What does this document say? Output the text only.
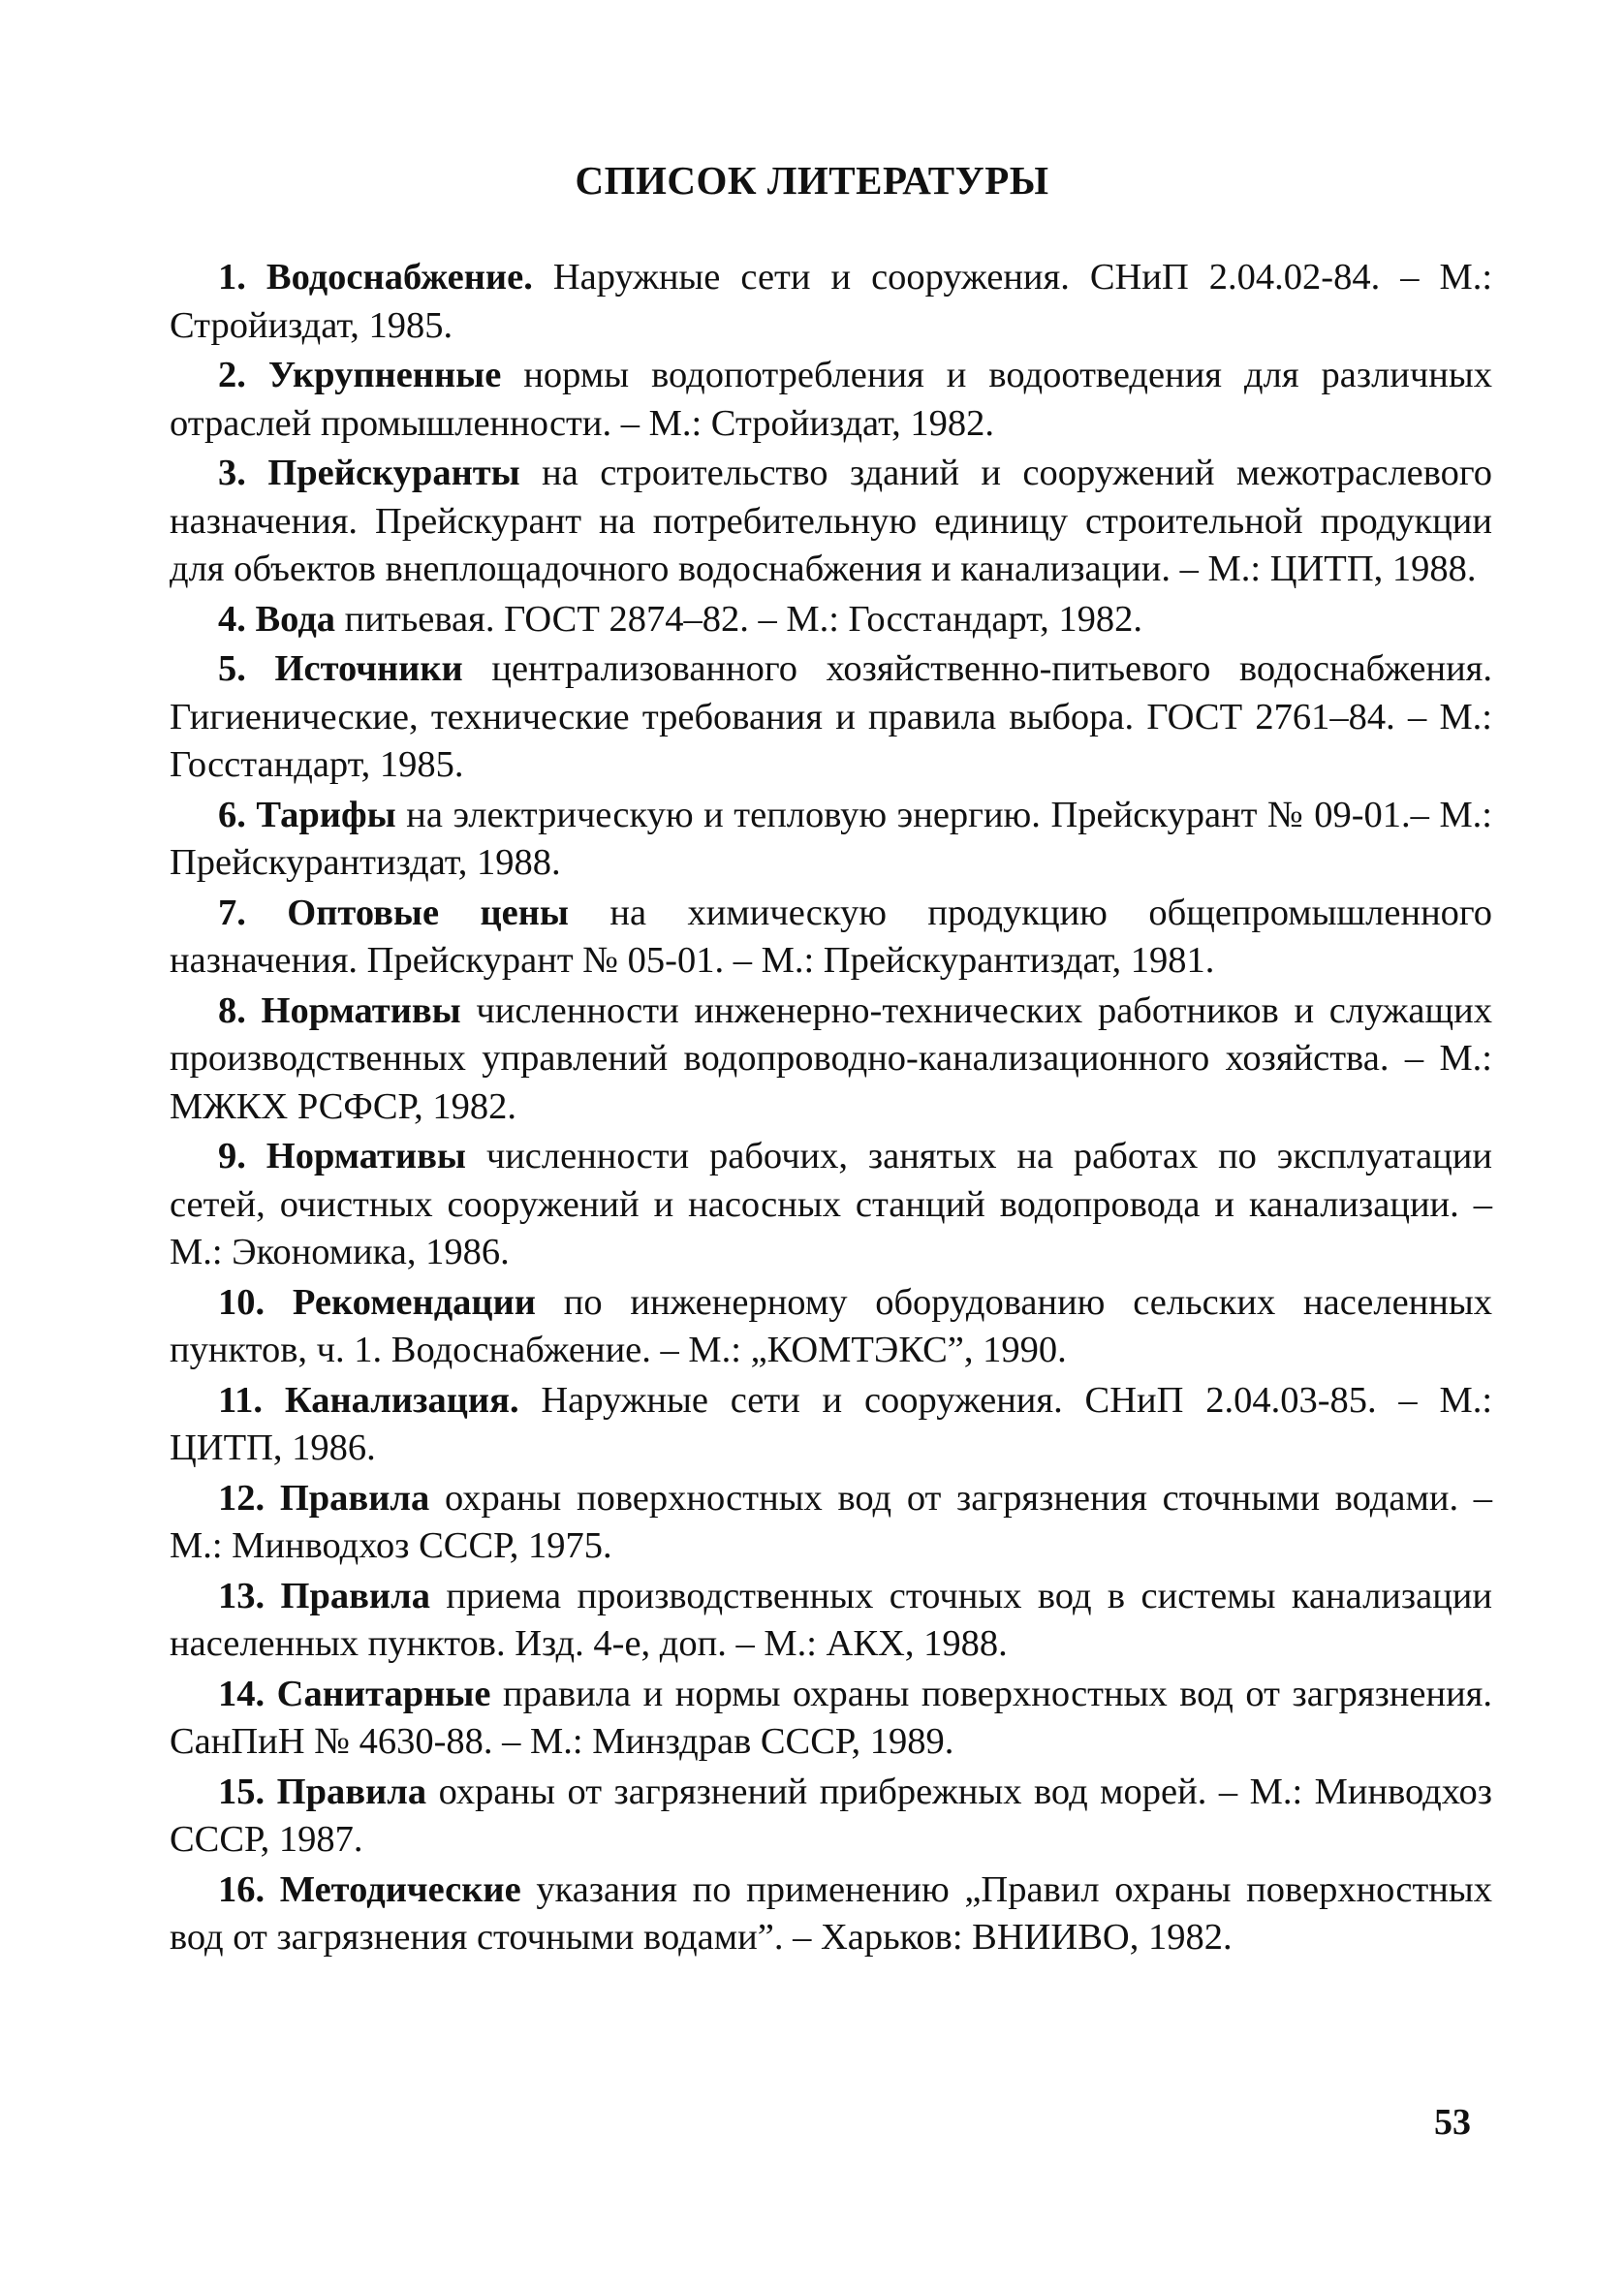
СПИСОК ЛИТЕРАТУРЫ
1. Водоснабжение. Наружные сети и сооружения. СНиП 2.04.02-84. – М.: Стройиздат, 1985.
2. Укрупненные нормы водопотребления и водоотведения для различных отраслей промышленности. – М.: Стройиздат, 1982.
3. Прейскуранты на строительство зданий и сооружений межотраслевого назначения. Прейскурант на потребительную единицу строительной продукции для объектов внеплощадочного водоснабжения и канализации. – М.: ЦИТП, 1988.
4. Вода питьевая. ГОСТ 2874–82. – М.: Госстандарт, 1982.
5. Источники централизованного хозяйственно-питьевого водоснабжения. Гигиенические, технические требования и правила выбора. ГОСТ 2761–84. – М.: Госстандарт, 1985.
6. Тарифы на электрическую и тепловую энергию. Прейскурант № 09-01.– М.: Прейскурантиздат, 1988.
7. Оптовые цены на химическую продукцию общепромышленного назначения. Прейскурант № 05-01. – М.: Прейскурантиздат, 1981.
8. Нормативы численности инженерно-технических работников и служащих производственных управлений водопроводно-канализационного хозяйства. – М.: МЖКХ РСФСР, 1982.
9. Нормативы численности рабочих, занятых на работах по эксплуатации сетей, очистных сооружений и насосных станций водопровода и канализации. – М.: Экономика, 1986.
10. Рекомендации по инженерному оборудованию сельских населенных пунктов, ч. 1. Водоснабжение. – М.: „КОМТЭКС”, 1990.
11. Канализация. Наружные сети и сооружения. СНиП 2.04.03-85. – М.: ЦИТП, 1986.
12. Правила охраны поверхностных вод от загрязнения сточными водами. – М.: Минводхоз СССР, 1975.
13. Правила приема производственных сточных вод в системы канализации населенных пунктов. Изд. 4-е, доп. – М.: АКХ, 1988.
14. Санитарные правила и нормы охраны поверхностных вод от загрязнения. СанПиН № 4630-88. – М.: Минздрав СССР, 1989.
15. Правила охраны от загрязнений прибрежных вод морей. – М.: Минводхоз СССР, 1987.
16. Методические указания по применению „Правил охраны поверхностных вод от загрязнения сточными водами”. – Харьков: ВНИИВО, 1982.
53
